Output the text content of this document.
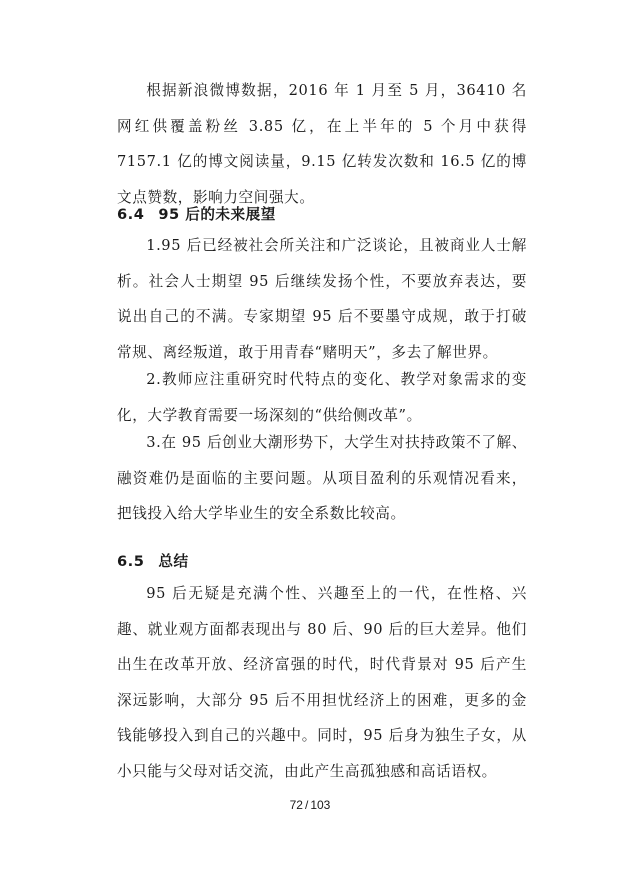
根据新浪微博数据，2016 年 1 月至 5 月，36410 名网红供覆盖粉丝 3.85 亿，在上半年的 5 个月中获得 7157.1 亿的博文阅读量，9.15 亿转发次数和 16.5 亿的博文点赞数，影响力空间强大。

6.4 95 后的未来展望

1.95 后已经被社会所关注和广泛谈论，且被商业人士解析。社会人士期望 95 后继续发扬个性，不要放弃表达，要说出自己的不满。专家期望 95 后不要墨守成规，敢于打破常规、离经叛道，敢于用青春“赌明天”，多去了解世界。

2.教师应注重研究时代特点的变化、教学对象需求的变化，大学教育需要一场深刻的“供给侧改革”。

3.在 95 后创业大潮形势下，大学生对扶持政策不了解、融资难仍是面临的主要问题。从项目盈利的乐观情况看来，把钱投入给大学毕业生的安全系数比较高。

6.5 总结

95 后无疑是充满个性、兴趣至上的一代，在性格、兴趣、就业观方面都表现出与 80 后、90 后的巨大差异。他们出生在改革开放、经济富强的时代，时代背景对 95 后产生深远影响，大部分 95 后不用担忧经济上的困难，更多的金钱能够投入到自己的兴趣中。同时，95 后身为独生子女，从小只能与父母对话交流，由此产生高孤独感和高话语权。

72 / 103
